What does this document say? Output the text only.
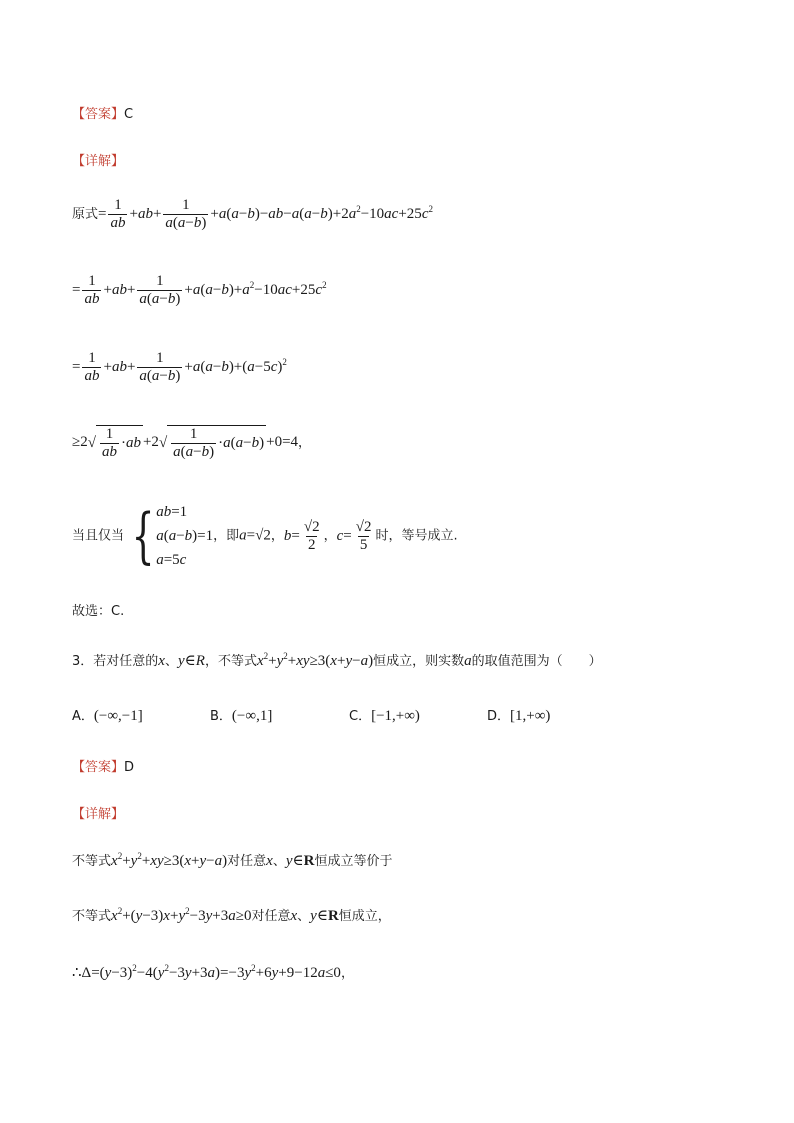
【答案】C
【详解】
原式= $\frac{1}{ab} +ab+ \frac{1}{a(a-b)} +a(a-b)-ab-a(a-b)+2a^2-10ac+25c^2$
= $\frac{1}{ab} +ab+ \frac{1}{a(a-b)} +a(a-b)+a^2-10ac+25c^2$
= $\frac{1}{ab} +ab+ \frac{1}{a(a-b)} +a(a-b)+(a-5c)^2$
$\ge 2√ \frac{1}{ab} \cdot ab +2√ \frac{1}{a(a-b)} \cdot a(a-b) +0=4$，
当且仅当 { ab=1
a(a−b)=1
a=5c
，即a=√2，$b= \frac{√2}{2}$ ，$c= \frac{√2}{5}$ 时，等号成立.
故选：C.
3．若对任意的x、y∈R，不等式$x^2+y^2+xy\ge 3(x+y-a)$恒成立，则实数a的取值范围为（　　）
A．(−∞,−1]	B．(−∞,1]	C．[−1,+∞)	D．[1,+∞)
【答案】D
【详解】
不等式$x^2+y^2+xy\ge 3(x+y-a)$对任意x、y∈R恒成立等价于
不等式$x^2+(y-3)x+y^2-3y+3a\ge 0$对任意x、y∈R恒成立，
$\therefore\Delta=(y-3)^2-4(y^2-3y+3a)=-3y^2+6y+9-12a\le 0$，
